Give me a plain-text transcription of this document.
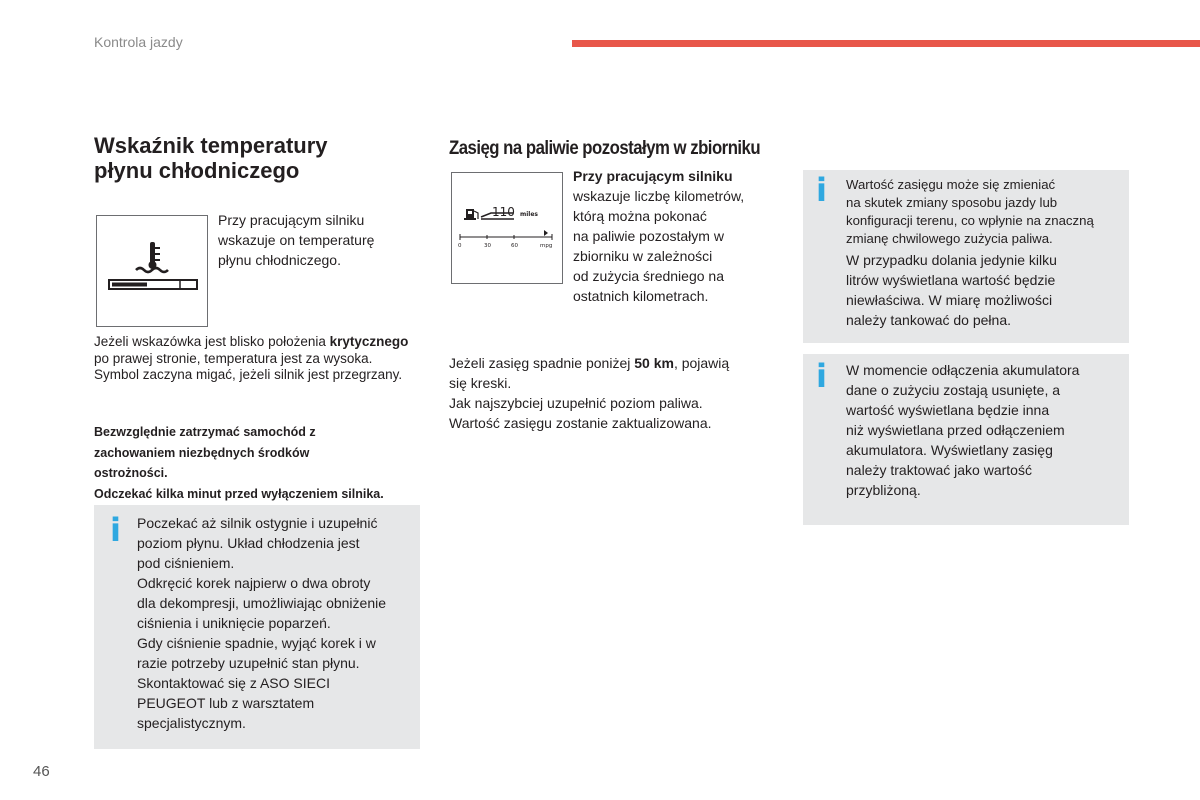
Kontrola jazdy
Wskaźnik temperatury
płynu chłodniczego

Przy pracującym silniku

wskazuje on temperaturę

płynu chłodniczego.

Jeżeli wskazówka jest blisko położenia krytycznego po prawej stronie, temperatura jest za wysoka.
Symbol zaczyna migać, jeżeli silnik jest przegrzany.
Bezwzględnie zatrzymać samochód z
zachowaniem niezbędnych środków
ostrożności.
Odczekać kilka minut przed wyłączeniem silnika.
i Poczekać aż silnik ostygnie i uzupełnić

poziom płynu. Układ chłodzenia jest

pod ciśnieniem.

Odkręcić korek najpierw o dwa obroty

dla dekompresji, umożliwiając obniżenie

ciśnienia i uniknięcie poparzeń.

Gdy ciśnienie spadnie, wyjąć korek i w

razie potrzeby uzupełnić stan płynu.

Skontaktować się z ASO SIECI

PEUGEOT lub z warsztatem

specjalistycznym.

Zasięg na paliwie pozostałym w zbiorniku
110 miles
0	30	60	mpg

Przy pracującym silniku

wskazuje liczbę kilometrów,

którą można pokonać

na paliwie pozostałym w

zbiorniku w zależności

od zużycia średniego na

ostatnich kilometrach.

Jeżeli zasięg spadnie poniżej 50 km, pojawią

się kreski.

Jak najszybciej uzupełnić poziom paliwa.

Wartość zasięgu zostanie zaktualizowana.

i Wartość zasięgu może się zmieniać
na skutek zmiany sposobu jazdy lub
konfiguracji terenu, co wpłynie na znaczną
zmianę chwilowego zużycia paliwa.

W przypadku dolania jedynie kilku

litrów wyświetlana wartość będzie

niewłaściwa. W miarę możliwości

należy tankować do pełna.

i W momencie odłączenia akumulatora

dane o zużyciu zostają usunięte, a

wartość wyświetlana będzie inna

niż wyświetlana przed odłączeniem

akumulatora. Wyświetlany zasięg

należy traktować jako wartość

przybliżoną.

46
